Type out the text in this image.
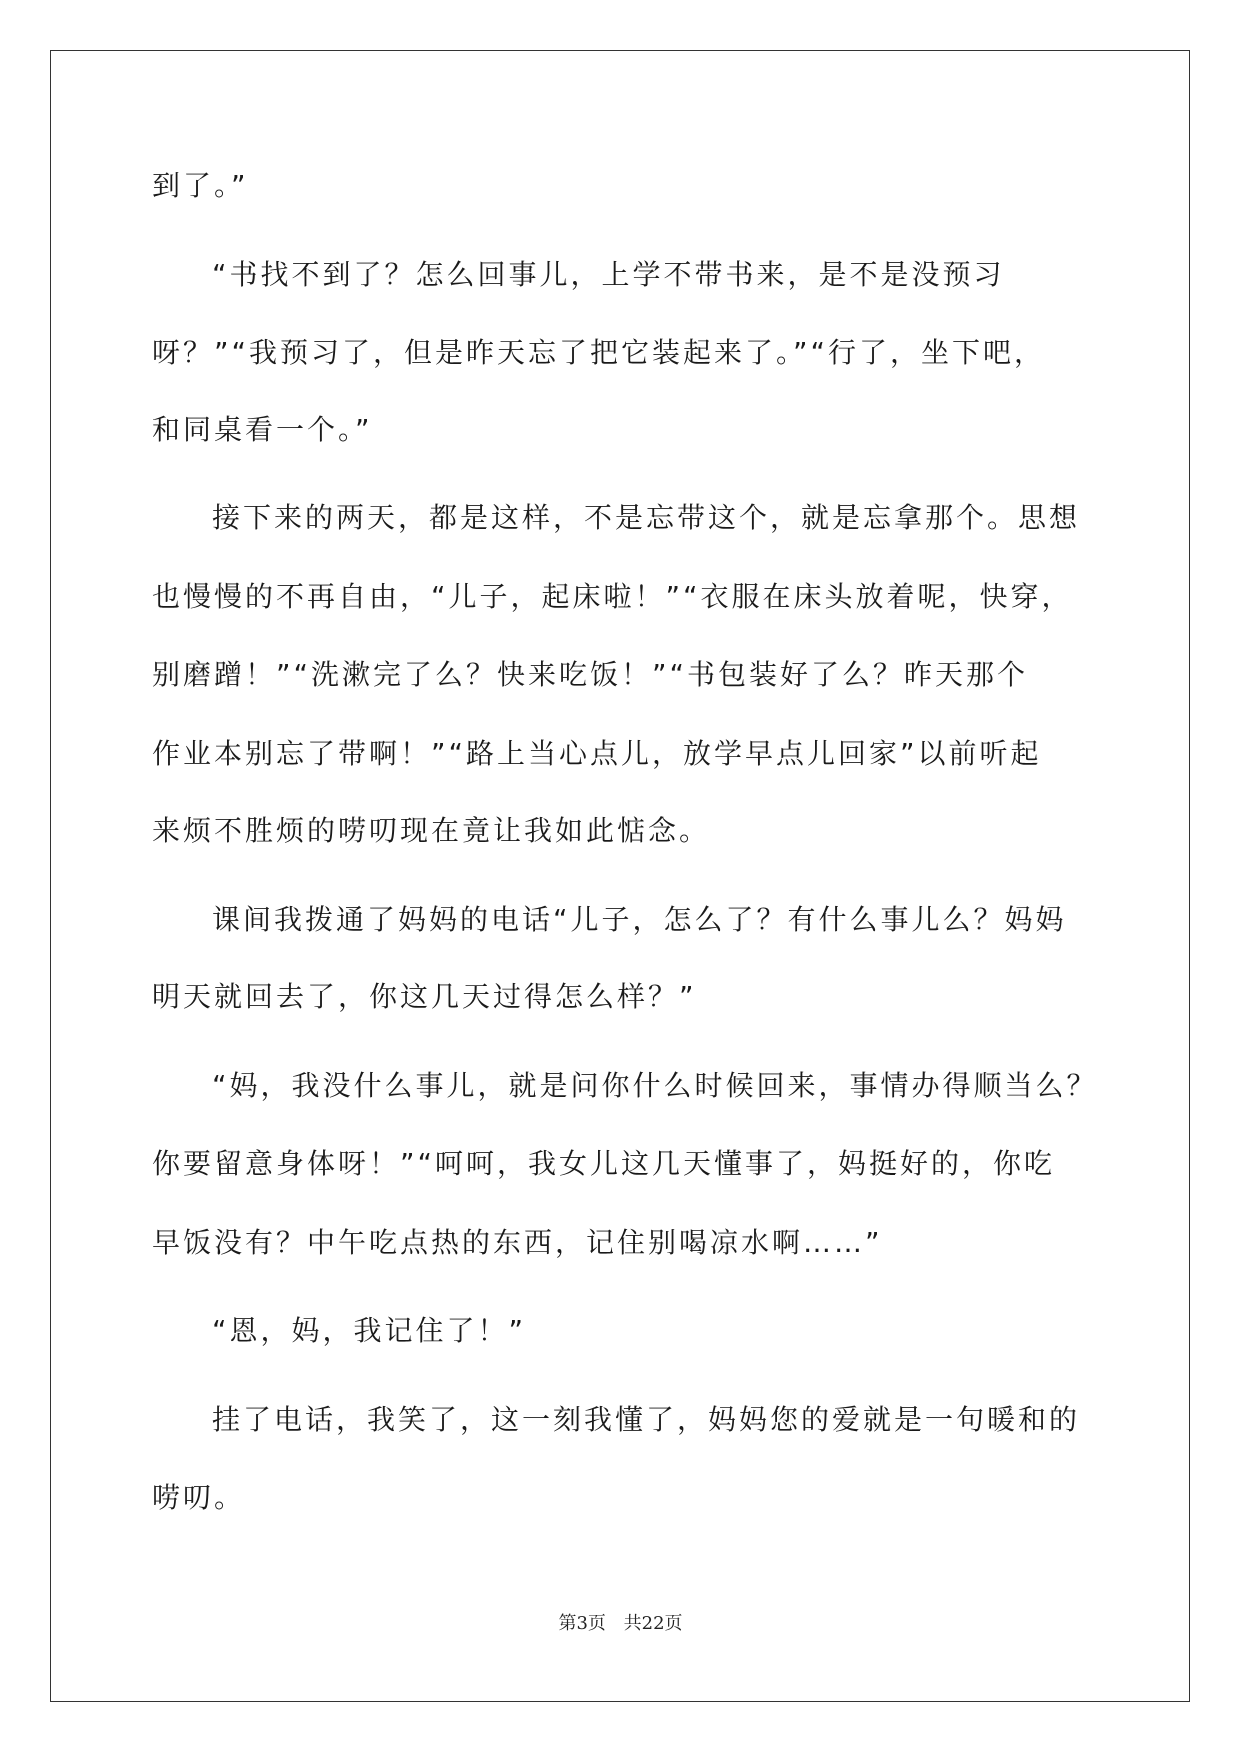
到了。”
“书找不到了？怎么回事儿，上学不带书来，是不是没预习
呀？”“我预习了，但是昨天忘了把它装起来了。”“行了，坐下吧，
和同桌看一个。”
接下来的两天，都是这样，不是忘带这个，就是忘拿那个。思想
也慢慢的不再自由，“儿子，起床啦！”“衣服在床头放着呢，快穿，
别磨蹭！”“洗漱完了么？快来吃饭！”“书包装好了么？昨天那个
作业本别忘了带啊！”“路上当心点儿，放学早点儿回家”以前听起
来烦不胜烦的唠叨现在竟让我如此惦念。
课间我拨通了妈妈的电话“儿子，怎么了？有什么事儿么？妈妈
明天就回去了，你这几天过得怎么样？”
“妈，我没什么事儿，就是问你什么时候回来，事情办得顺当么？
你要留意身体呀！”“呵呵，我女儿这几天懂事了，妈挺好的，你吃
早饭没有？中午吃点热的东西，记住别喝凉水啊……”
“恩，妈，我记住了！”
挂了电话，我笑了，这一刻我懂了，妈妈您的爱就是一句暖和的
唠叨。
第3页 共22页
